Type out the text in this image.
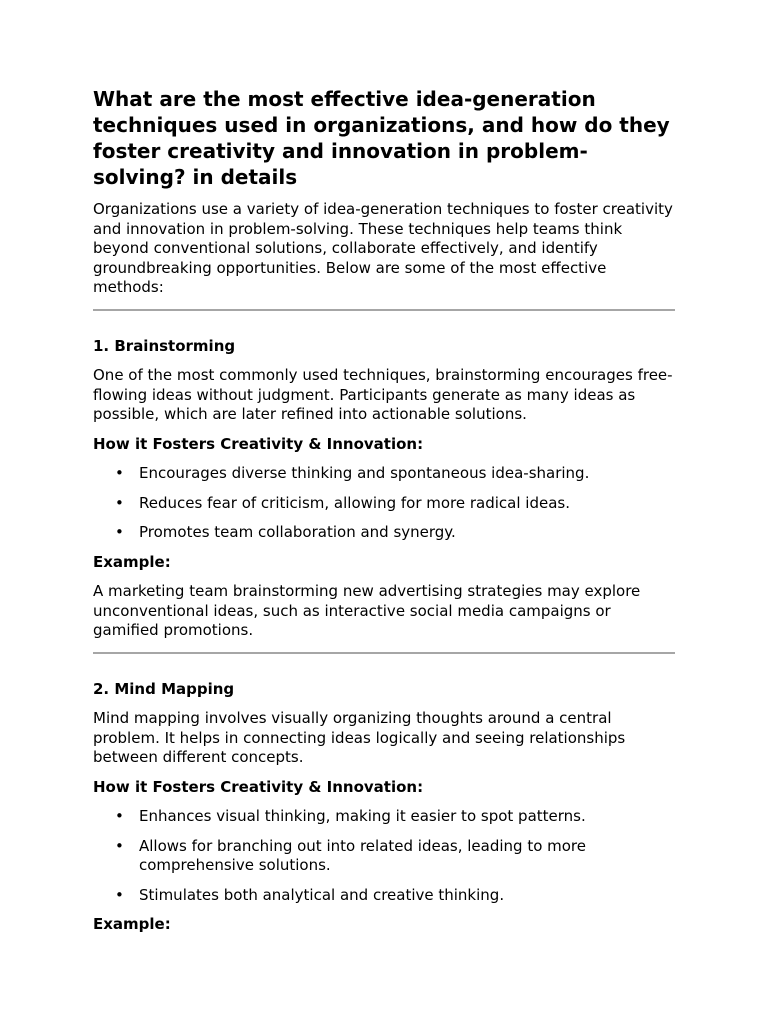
What are the most effective idea-generation techniques used in organizations, and how do they foster creativity and innovation in problem-solving? in details

Organizations use a variety of idea-generation techniques to foster creativity and innovation in problem-solving. These techniques help teams think beyond conventional solutions, collaborate effectively, and identify groundbreaking opportunities. Below are some of the most effective methods:

1. Brainstorming

One of the most commonly used techniques, brainstorming encourages free-flowing ideas without judgment. Participants generate as many ideas as possible, which are later refined into actionable solutions.

How it Fosters Creativity & Innovation:
• Encourages diverse thinking and spontaneous idea-sharing.
• Reduces fear of criticism, allowing for more radical ideas.
• Promotes team collaboration and synergy.
Example:

A marketing team brainstorming new advertising strategies may explore unconventional ideas, such as interactive social media campaigns or gamified promotions.

2. Mind Mapping

Mind mapping involves visually organizing thoughts around a central problem. It helps in connecting ideas logically and seeing relationships between different concepts.

How it Fosters Creativity & Innovation:
• Enhances visual thinking, making it easier to spot patterns.
• Allows for branching out into related ideas, leading to more comprehensive solutions.
• Stimulates both analytical and creative thinking.
Example:
